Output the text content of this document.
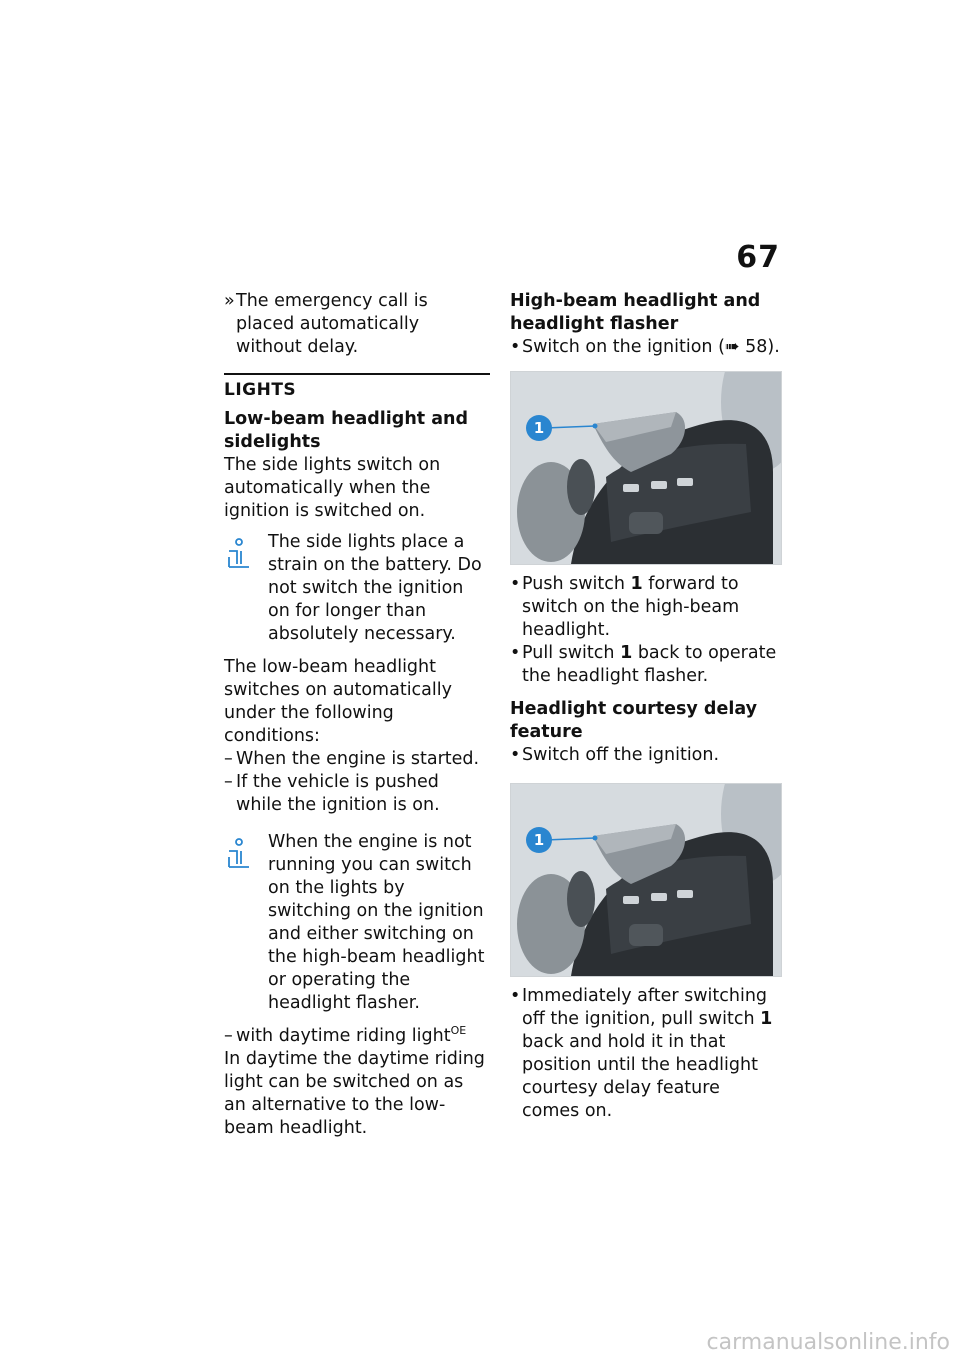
67
» The emergency call is placed automatically without delay.

LIGHTS

Low-beam headlight and sidelights

The side lights switch on automatically when the ignition is switched on.

The side lights place a

strain on the battery. Do not switch the ignition on for longer than absolutely necessary.

The low-beam headlight switches on automatically under the following conditions:

– When the engine is started.
– If the vehicle is pushed while the ignition is on.

When the engine is not

running you can switch on the lights by switching on the ignition and either switching on the high-beam headlight or operating the headlight flasher.

– with daytime riding light$^{OE}$

In daytime the daytime riding light can be switched on as an alternative to the low-beam headlight.

High-beam headlight and headlight flasher

• Switch on the ignition (➠ 58).
1
• Push switch 1 forward to switch on the high-beam headlight.
• Pull switch 1 back to operate the headlight flasher.

Headlight courtesy delay feature

• Switch off the ignition.
1
• Immediately after switching off the ignition, pull switch 1 back and hold it in that position until the headlight courtesy delay feature comes on.
carmanualsonline.info
